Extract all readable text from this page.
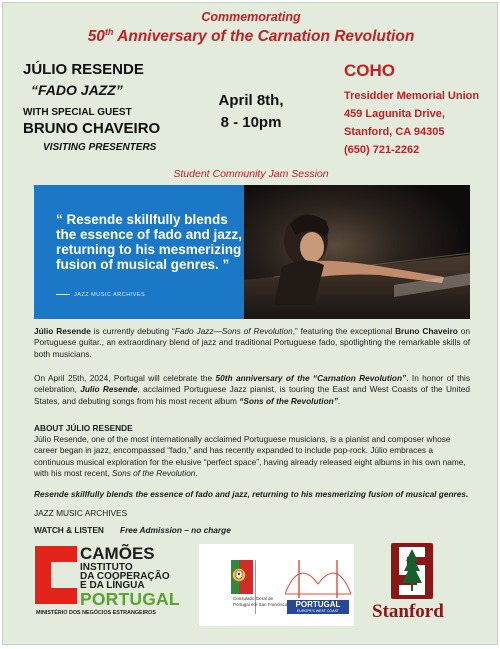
Commemorating
50th Anniversary of the Carnation Revolution
JÚLIO RESENDE
“FADO JAZZ”
WITH SPECIAL GUEST
BRUNO CHAVEIRO
VISITING PRESENTERS
April 8th,
8 - 10pm
COHO
Tresidder Memorial Union
459 Lagunita Drive,
Stanford, CA 94305
(650) 721-2262
Student Community Jam Session
“ Resende skillfully blends the essence of fado and jazz, returning to his mesmerizing fusion of musical genres. ”
JAZZ MUSIC ARCHIVES
Júlio Resende is currently debuting “Fado Jazz—Sons of Revolution,” featuring the exceptional Bruno Chaveiro on Portuguese guitar., an extraordinary blend of jazz and traditional Portuguese fado, spotlighting the remarkable skills of both musicians.
On April 25th, 2024, Portugal will celebrate the 50th anniversary of the “Carnation Revolution”. In honor of this celebration, Julio Resende, acclaimed Portuguese Jazz pianist, is touring the East and West Coasts of the United States, and debuting songs from his most recent album “Sons of the Revolution”.
ABOUT JÚLIO RESENDE
Júlio Resende, one of the most internationally acclaimed Portuguese musicians, is a pianist and composer whose career began in jazz, encompassed “fado,” and has recently expanded to include pop-rock. Júlio embraces a continuous musical exploration for the elusive “perfect space”, having already released eight albums in his own name, with his most recent, Sons of the Revolution.
Resende skillfully blends the essence of fado and jazz, returning to his mesmerizing fusion of musical genres.
JAZZ MUSIC ARCHIVES
WATCH & LISTEN Free Admission – no charge
CAMÕES
INSTITUTO
DA COOPERAÇÃO
E DA LÍNGUA
PORTUGAL
MINISTÉRIO DOS NEGÓCIOS ESTRANGEIROS
Consulado Geral de Portugal em San Francisco	PORTUGAL
EUROPE'S WEST COAST	Stanford
